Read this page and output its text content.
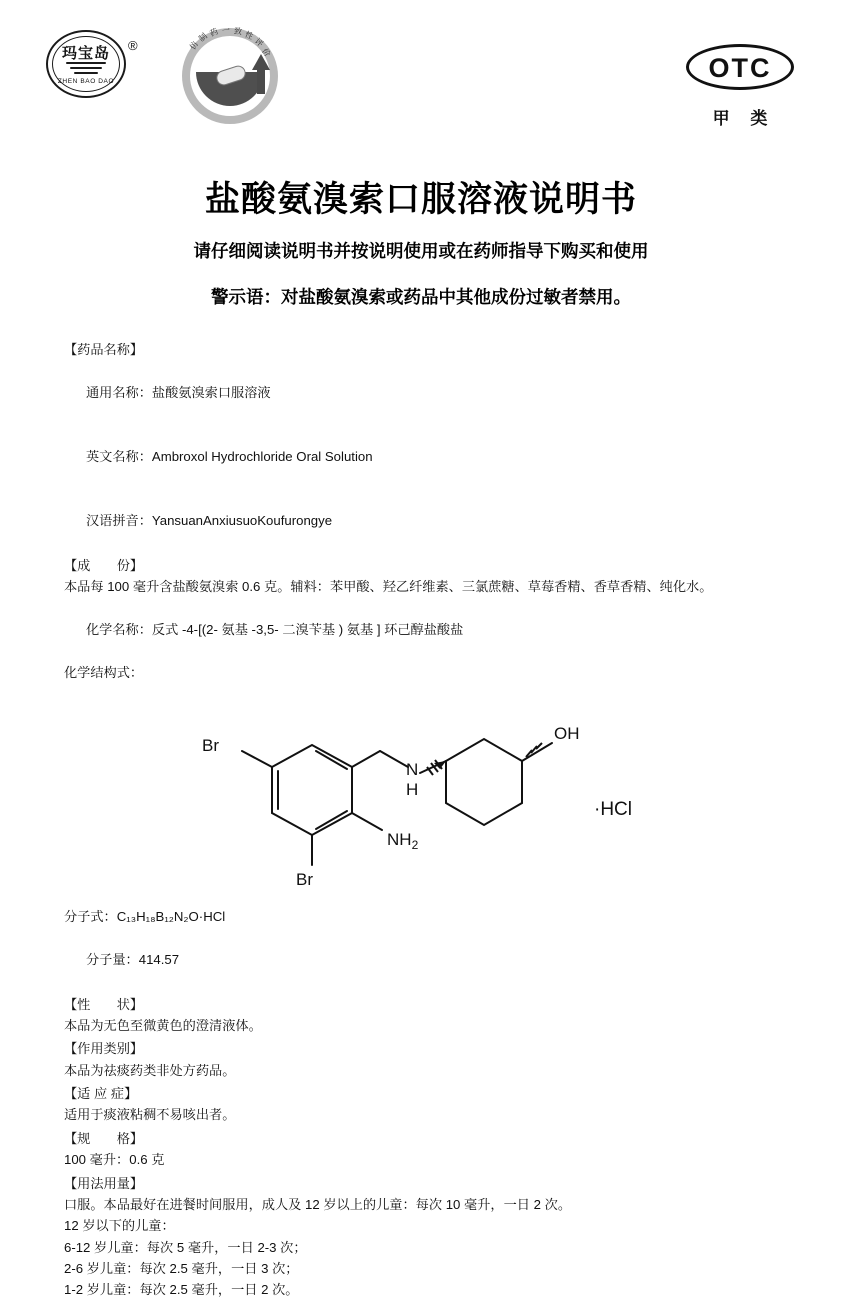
玛宝岛
ZHEN BAO DAO
®	仿
制 药 一 致 性
评
价
OTC
甲 类
盐酸氨溴索口服溶液说明书
请仔细阅读说明书并按说明使用或在药师指导下购买和使用
警示语：对盐酸氨溴索或药品中其他成份过敏者禁用。
【药品名称】

通用名称：盐酸氨溴索口服溶液

英文名称：Ambroxol Hydrochloride Oral Solution

汉语拼音：YansuanAnxiusuoKoufurongye

【成　　份】
本品每 100 毫升含盐酸氨溴索 0.6 克。辅料：苯甲酸、羟乙纤维素、三氯蔗糖、草莓香精、香草香精、纯化水。

化学名称：反式 -4-[(2- 氨基 -3,5- 二溴苄基 ) 氨基 ] 环己醇盐酸盐

化学结构式：
Br
Br
$NH_2$
N
H
OH
·HCl
分子式：C₁₃H₁₈B₁₂N₂O·HCl

分子量：414.57

【性　　状】
本品为无色至微黄色的澄清液体。
【作用类别】
本品为祛痰药类非处方药品。
【适 应 症】
适用于痰液粘稠不易咳出者。
【规　　格】
100 毫升：0.6 克
【用法用量】
口服。本品最好在进餐时间服用，成人及 12 岁以上的儿童：每次 10 毫升，一日 2 次。
12 岁以下的儿童：
6-12 岁儿童：每次 5 毫升，一日 2-3 次；
2-6 岁儿童：每次 2.5 毫升，一日 3 次；
1-2 岁儿童：每次 2.5 毫升，一日 2 次。
